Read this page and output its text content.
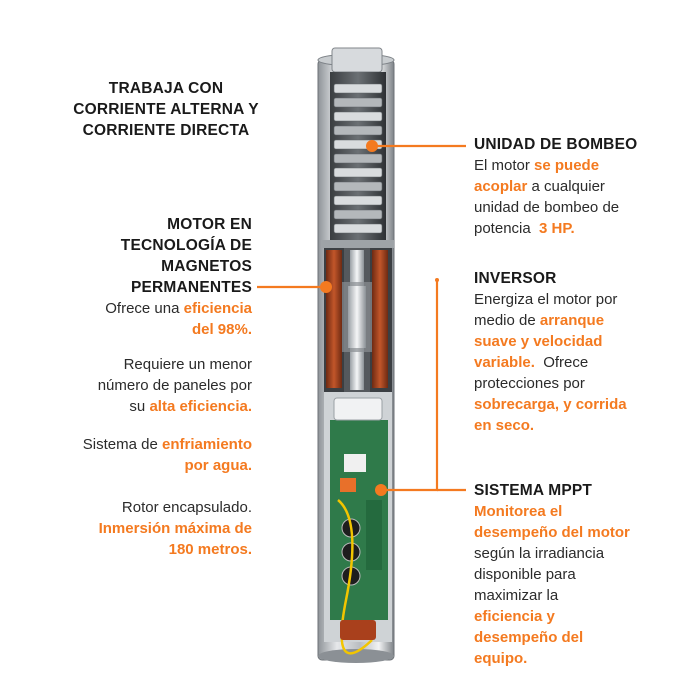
TRABAJA CON
CORRIENTE ALTERNA Y
CORRIENTE DIRECTA
MOTOR EN
TECNOLOGÍA DE
MAGNETOS
PERMANENTES
Ofrece una eficiencia
del 98%.
Requiere un menor
número de paneles por
su alta eficiencia.
Sistema de enfriamiento
por agua.
Rotor encapsulado.
Inmersión máxima de
180 metros.
UNIDAD DE BOMBEO
El motor se puede
acoplar a cualquier
unidad de bombeo de
potencia  3 HP.
INVERSOR
Energiza el motor por
medio de arranque
suave y velocidad
variable.  Ofrece
protecciones por
sobrecarga, y corrida
en seco.
SISTEMA MPPT
Monitorea el
desempeño del motor
según la irradiancia
disponible para
maximizar la
eficiencia y
desempeño del
equipo.
